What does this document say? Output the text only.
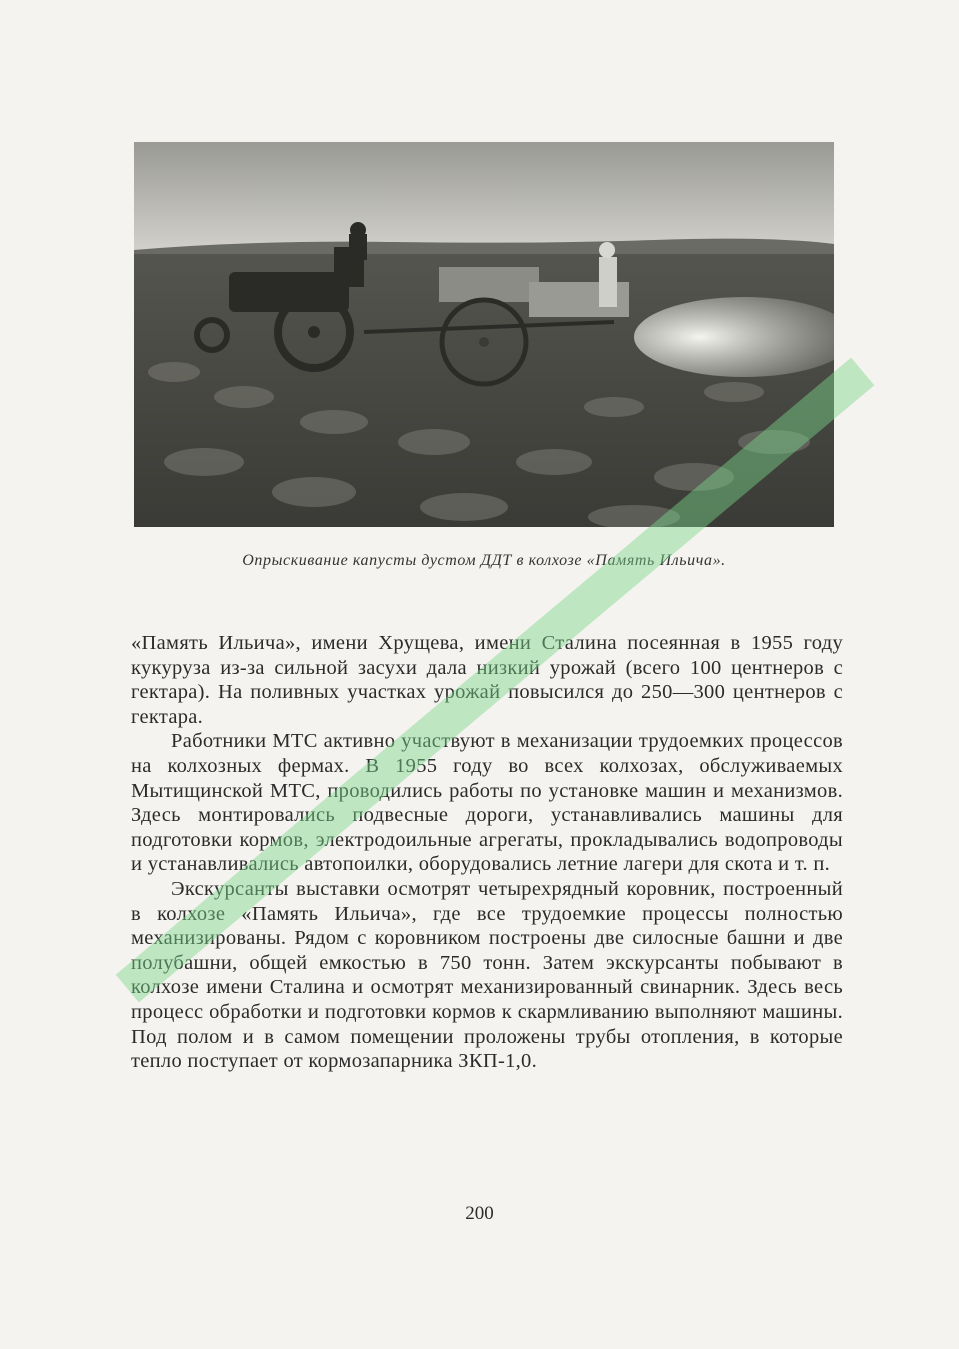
Опрыскивание капусты дустом ДДТ в колхозе «Память Ильича».

«Память Ильича», имени Хрущева, имени Сталина посеянная в 1955 году кукуруза из-за сильной засухи дала низкий урожай (всего 100 центнеров с гектара). На поливных участках урожай повысился до 250—300 центнеров с гектара.

Работники МТС активно участвуют в механизации трудоемких процессов на колхозных фермах. В 1955 году во всех колхозах, обслуживаемых Мытищинской МТС, проводились работы по установке машин и механизмов. Здесь монтировались подвесные дороги, устанавливались машины для подготовки кормов, электродоильные агрегаты, прокладывались водопроводы и устанавливались автопоилки, оборудовались летние лагери для скота и т. п.

Экскурсанты выставки осмотрят четырехрядный коровник, построенный в колхозе «Память Ильича», где все трудоемкие процессы полностью механизированы. Рядом с коровником построены две силосные башни и две полубашни, общей емкостью в 750 тонн. Затем экскурсанты побывают в колхозе имени Сталина и осмотрят механизированный свинарник. Здесь весь процесс обработки и подготовки кормов к скармливанию выполняют машины. Под полом и в самом помещении проложены трубы отопления, в которые тепло поступает от кормозапарника ЗКП-1,0.

200
